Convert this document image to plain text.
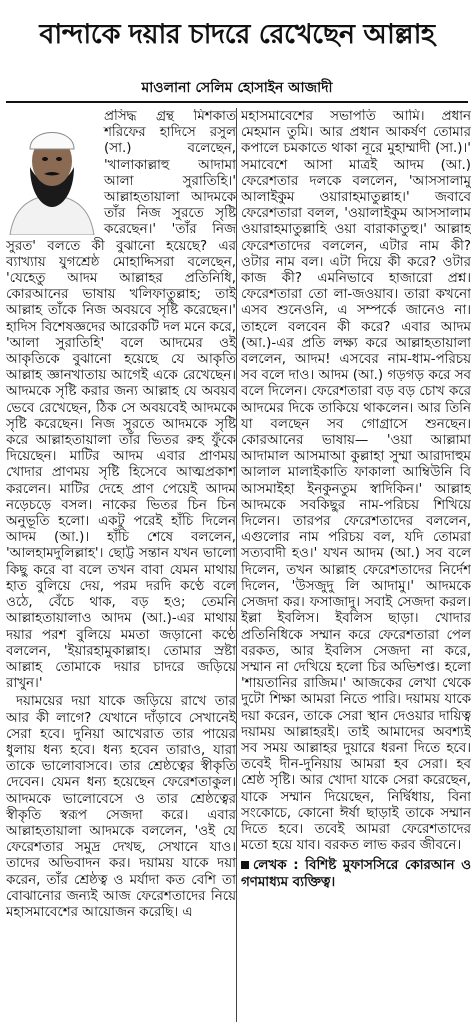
বান্দাকে দয়ার চাদরে রেখেছেন আল্লাহ
মাওলানা সেলিম হোসাইন আজাদী

প্রসিদ্ধ গ্রন্থ মিশকাত শরিফের হাদিসে রসুল (সা.) বলেছেন, 'খালাকাল্লাহু আদামা আলা সুরাতিহি।' আল্লাহতায়ালা আদমকে তাঁর নিজ সুরতে সৃষ্টি করেছেন।' 'তাঁর নিজ সুরত' বলতে কী বুঝানো হয়েছে? এর ব্যাখ্যায় যুগশ্রেষ্ঠ মোহাদ্দিসরা বলেছেন, 'যেহেতু আদম আল্লাহর প্রতিনিধি, কোরআনের ভাষায় খলিফাতুল্লাহ; তাই আল্লাহ তাঁকে নিজ অবয়বে সৃষ্টি করেছেন।' হাদিস বিশেষজ্ঞদের আরেকটি দল মনে করে, 'আলা সুরাতিহি' বলে আদমের ওই আকৃতিকে বুঝানো হয়েছে যে আকৃতি আল্লাহ জ্ঞানখাতায় আগেই একে রেখেছেন। আদমকে সৃষ্টি করার জন্য আল্লাহ যে অবয়ব ভেবে রেখেছেন, ঠিক সে অবয়বেই আদমকে সৃষ্টি করেছেন। নিজ সুরতে আদমকে সৃষ্টি করে আল্লাহতায়ালা তাঁর ভিতর রুহ ফুঁকে দিয়েছেন। মাটির আদম এবার প্রাণময় খোদার প্রাণময় সৃষ্টি হিসেবে আত্মপ্রকাশ করলেন। মাটির দেহে প্রাণ পেয়েই আদম নড়েচড়ে বসল। নাকের ভিতর চিন চিন অনুভূতি হলো। একটু পরেই হাঁচি দিলেন আদম (আ.)। হাঁচি শেষে বললেন, 'আলহামদুলিল্লাহ'। ছোট্ট সন্তান যখন ভালো কিছু করে বা বলে তখন বাবা যেমন মাথায় হাত বুলিয়ে দেয়, পরম দরদি কণ্ঠে বলে ওঠে, বেঁচে থাক, বড় হও; তেমনি আল্লাহতায়ালাও আদম (আ.)-এর মাথায় দয়ার পরশ বুলিয়ে মমতা জড়ানো কণ্ঠে বললেন, 'ইয়ারহামুকাল্লাহ। তোমার স্রষ্টা আল্লাহ তোমাকে দয়ার চাদরে জড়িয়ে রাখুন।'

দয়াময়ের দয়া যাকে জড়িয়ে রাখে তার আর কী লাগে? যেখানে দাঁড়াবে সেখানেই সেরা হবে। দুনিয়া আখেরাত তার পায়ের ধুলায় ধন্য হবে। ধন্য হবেন তারাও, যারা তাকে ভালোবাসবে। তার শ্রেষ্ঠত্বের স্বীকৃতি দেবেন। যেমন ধন্য হয়েছেন ফেরেশতাকুল। আদমকে ভালোবেসে ও তার শ্রেষ্ঠত্বের স্বীকৃতি স্বরূপ সেজদা করে। এবার আল্লাহতায়ালা আদমকে বললেন, 'ওই যে ফেরেশতার সমুদ্র দেখছ, সেখানে যাও। তাদের অভিবাদন কর। দয়াময় যাকে দয়া করেন, তাঁর শ্রেষ্ঠত্ব ও মর্যাদা কত বেশি তা বোঝানোর জন্যই আজ ফেরেশতাদের নিয়ে মহাসমাবেশের আয়োজন করেছি। এ

মহাসমাবেশের সভাপতি আমি। প্রধান মেহমান তুমি। আর প্রধান আকর্ষণ তোমার কপালে চমকাতে থাকা নূরে মুহাম্মাদী (সা.)।' সমাবেশে আসা মাত্রই আদম (আ.) ফেরেশতার দলকে বললেন, 'আসসালামু আলাইকুম ওয়ারাহমাতুল্লাহ।' জবাবে ফেরেশতারা বলল, 'ওয়ালাইকুম আসসালাম ওয়ারাহমাতুল্লাহি ওয়া বারাকাতুহু।' আল্লাহ ফেরেশতাদের বললেন, এটার নাম কী? ওটার নাম বল। এটা দিয়ে কী করে? ওটার কাজ কী? এমনিভাবে হাজারো প্রশ্ন। ফেরেশতারা তো লা-জওয়াব। তারা কখনো এসব শুনেওনি, এ সম্পর্কে জানেও না। তাহলে বলবেন কী করে? এবার আদম (আ.)-এর প্রতি লক্ষ্য করে আল্লাহতায়ালা বললেন, আদম! এসবের নাম-ধাম-পরিচয় সব বলে দাও। আদম (আ.) গড়গড় করে সব বলে দিলেন। ফেরেশতারা বড় বড় চোখ করে আদমের দিকে তাকিয়ে থাকলেন। আর তিনি যা বলছেন সব গোগ্রাসে শুনছেন। কোরআনের ভাষায়— 'ওয়া আল্লামা আদামাল আসমাআ কুল্লাহা সুম্মা আরাদাহুম আলাল মালাইকাতি ফাকালা আম্বিউনি বি আসমাইহা ইনকুনতুম স্বাদিকিন।' আল্লাহ আদমকে সবকিছুর নাম-পরিচয় শিখিয়ে দিলেন। তারপর ফেরেশতাদের বললেন, এগুলোর নাম পরিচয় বল, যদি তোমরা সত্যবাদী হও।' যখন আদম (আ.) সব বলে দিলেন, তখন আল্লাহ ফেরেশতাদের নির্দেশ দিলেন, 'উসজুদু লি আদামু।' আদমকে সেজদা কর। ফসাজাদু। সবাই সেজদা করল। ইল্লা ইবলিস। ইবলিস ছাড়া। খোদার প্রতিনিধিকে সম্মান করে ফেরেশতারা পেল বরকত, আর ইবলিস সেজদা না করে, সম্মান না দেখিয়ে হলো চির অভিশপ্ত। হলো 'শায়তানির রাজিম।' আজকের লেখা থেকে দুটো শিক্ষা আমরা নিতে পারি। দয়াময় যাকে দয়া করেন, তাকে সেরা স্থান দেওয়ার দায়িত্ব দয়াময় আল্লাহরই। তাই আমাদের অবশ্যই সব সময় আল্লাহর দুয়ারে ধরনা দিতে হবে। তবেই দীন-দুনিয়ায় আমরা হব সেরা। হব শ্রেষ্ঠ সৃষ্টি। আর খোদা যাকে সেরা করেছেন, যাকে সম্মান দিয়েছেন, নির্দ্বিধায়, বিনা সংকোচে, কোনো ঈর্ষা ছাড়াই তাকে সম্মান দিতে হবে। তবেই আমরা ফেরেশতাদের মতো হয়ে যাব। বরকত লাভ করব জীবনে।

লেখক : বিশিষ্ট মুফাসসিরে কোরআন ও গণমাধ্যম ব্যক্তিত্ব।
